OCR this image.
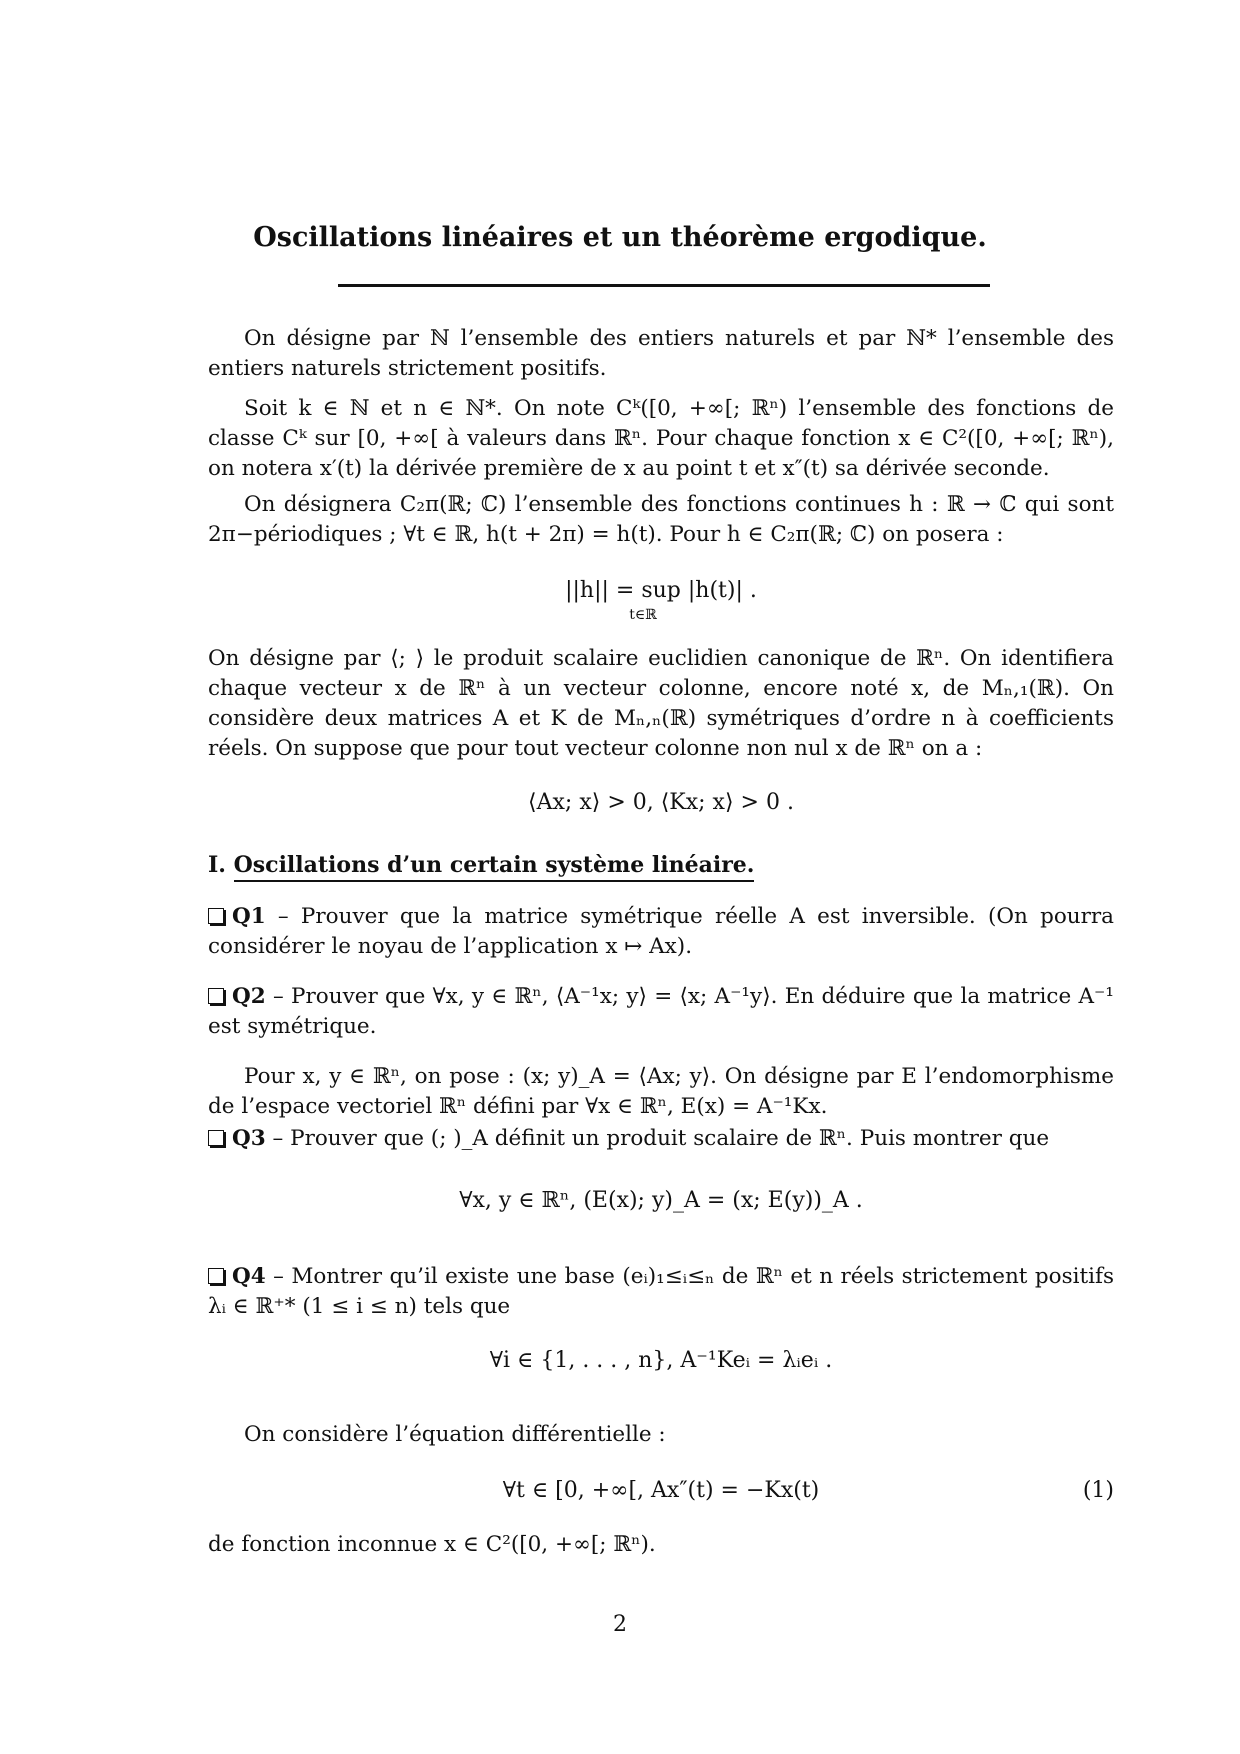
Oscillations linéaires et un théorème ergodique.
On désigne par ℕ l’ensemble des entiers naturels et par ℕ* l’ensemble des entiers naturels strictement positifs.
Soit k ∈ ℕ et n ∈ ℕ*. On note Cᵏ([0, +∞[; ℝⁿ) l’ensemble des fonctions de classe Cᵏ sur [0, +∞[ à valeurs dans ℝⁿ. Pour chaque fonction x ∈ C²([0, +∞[; ℝⁿ), on notera x′(t) la dérivée première de x au point t et x″(t) sa dérivée seconde.
On désignera C₂π(ℝ; ℂ) l’ensemble des fonctions continues h : ℝ → ℂ qui sont 2π−périodiques ; ∀t ∈ ℝ, h(t + 2π) = h(t). Pour h ∈ C₂π(ℝ; ℂ) on posera :
||h|| = sup |h(t)| .
t∈ℝ
On désigne par ⟨; ⟩ le produit scalaire euclidien canonique de ℝⁿ. On identifiera chaque vecteur x de ℝⁿ à un vecteur colonne, encore noté x, de Mₙ,₁(ℝ). On considère deux matrices A et K de Mₙ,ₙ(ℝ) symétriques d’ordre n à coefficients réels. On suppose que pour tout vecteur colonne non nul x de ℝⁿ on a :
⟨Ax; x⟩ > 0, ⟨Kx; x⟩ > 0 .
I. Oscillations d’un certain système linéaire.
Q1 – Prouver que la matrice symétrique réelle A est inversible. (On pourra considérer le noyau de l’application x ↦ Ax).
Q2 – Prouver que ∀x, y ∈ ℝⁿ, ⟨A⁻¹x; y⟩ = ⟨x; A⁻¹y⟩. En déduire que la matrice A⁻¹ est symétrique.
Pour x, y ∈ ℝⁿ, on pose : (x; y)_A = ⟨Ax; y⟩. On désigne par E l’endomorphisme de l’espace vectoriel ℝⁿ défini par ∀x ∈ ℝⁿ, E(x) = A⁻¹Kx.
Q3 – Prouver que (; )_A définit un produit scalaire de ℝⁿ. Puis montrer que
∀x, y ∈ ℝⁿ, (E(x); y)_A = (x; E(y))_A .
Q4 – Montrer qu’il existe une base (eᵢ)₁≤ᵢ≤ₙ de ℝⁿ et n réels strictement positifs λᵢ ∈ ℝ⁺* (1 ≤ i ≤ n) tels que
∀i ∈ {1, . . . , n}, A⁻¹Keᵢ = λᵢeᵢ .
On considère l’équation différentielle :
∀t ∈ [0, +∞[, Ax″(t) = −Kx(t)	(1)
de fonction inconnue x ∈ C²([0, +∞[; ℝⁿ).
2
